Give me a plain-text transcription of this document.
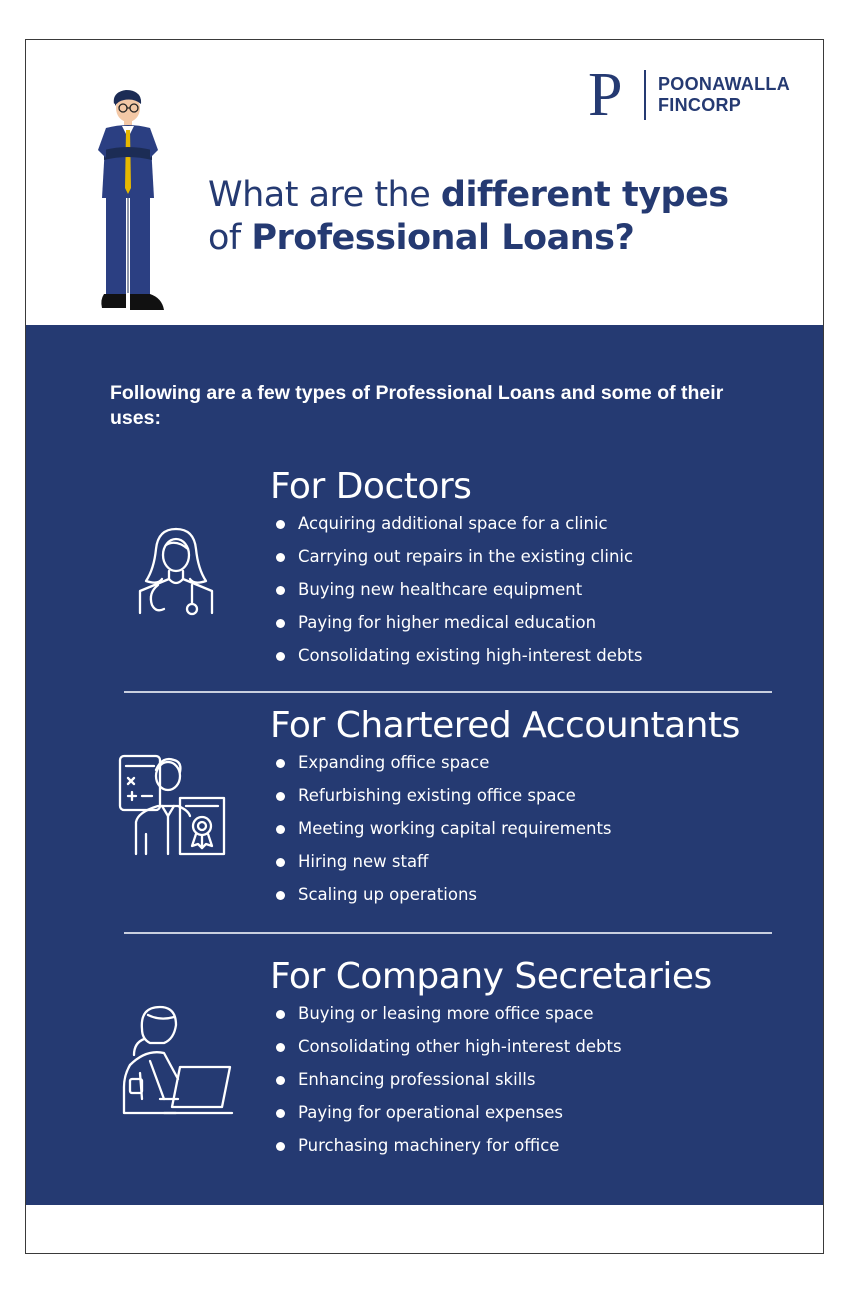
P POONAWALLA
FINCORP
What are the different types
of Professional Loans?
Following are a few types of Professional Loans and some of their uses:
For Doctors
Acquiring additional space for a clinic
Carrying out repairs in the existing clinic
Buying new healthcare equipment
Paying for higher medical education
Consolidating existing high-interest debts
For Chartered Accountants
Expanding office space
Refurbishing existing office space
Meeting working capital requirements
Hiring new staff
Scaling up operations
For Company Secretaries
Buying or leasing more office space
Consolidating other high-interest debts
Enhancing professional skills
Paying for operational expenses
Purchasing machinery for office
